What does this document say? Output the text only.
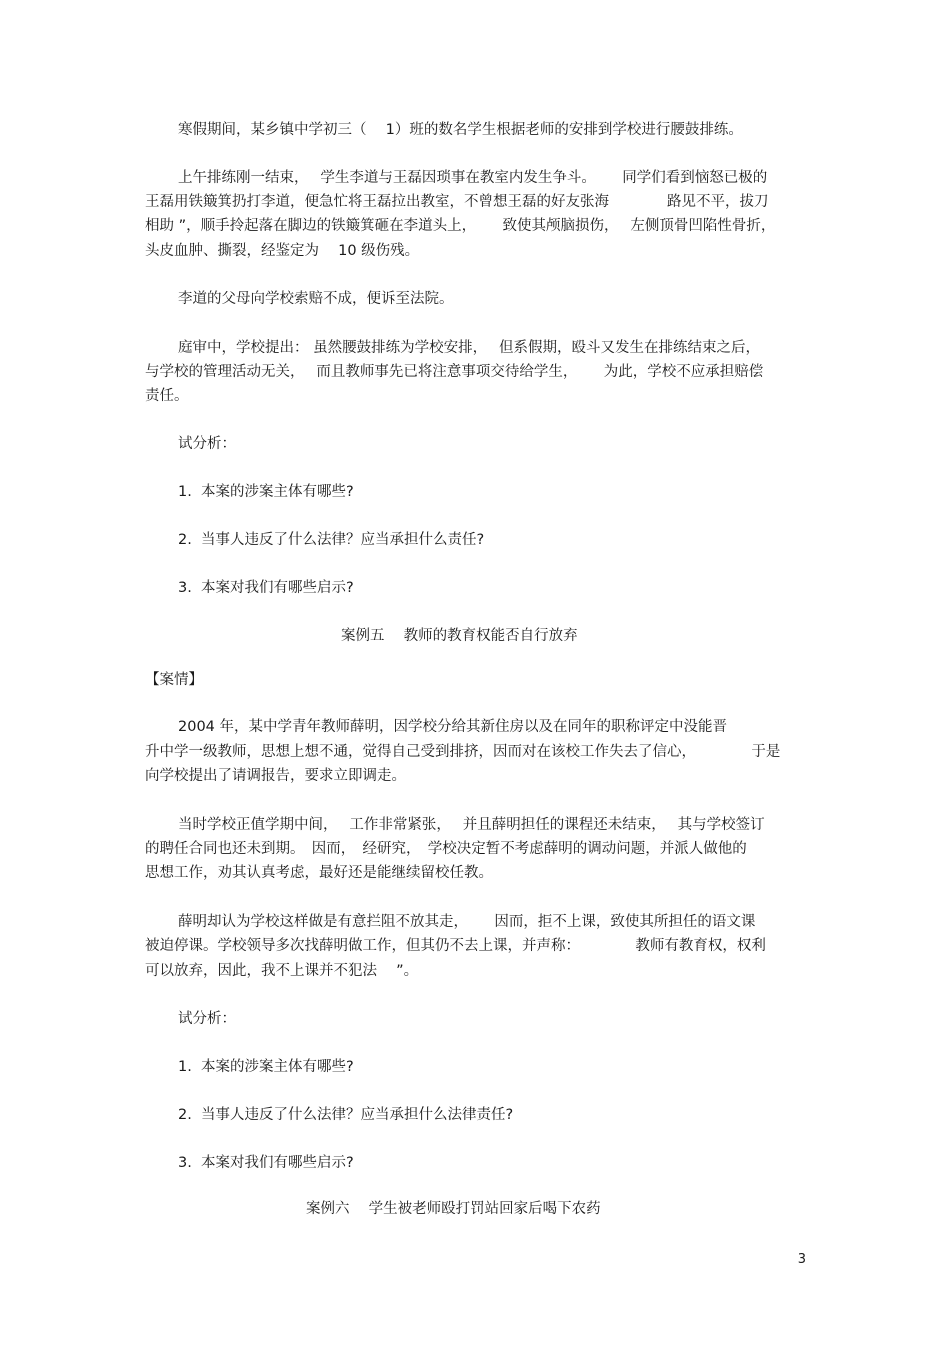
寒假期间，某乡镇中学初三（　 1）班的数名学生根据老师的安排到学校进行腰鼓排练。

上午排练刚一结束，　 学生李道与王磊因琐事在教室内发生争斗。　　 同学们看到恼怒已极的

王磊用铁簸箕扔打李道，便急忙将王磊拉出教室，不曾想王磊的好友张海　　　　路见不平，拔刀

相助 ”，顺手拎起落在脚边的铁簸箕砸在李道头上，　　 致使其颅脑损伤，　 左侧顶骨凹陷性骨折，

头皮血肿、撕裂，经鉴定为　 10 级伤残。

李道的父母向学校索赔不成，便诉至法院。

庭审中，学校提出： 虽然腰鼓排练为学校安排，　 但系假期，殴斗又发生在排练结束之后，

与学校的管理活动无关，　 而且教师事先已将注意事项交待给学生，　　 为此，学校不应承担赔偿

责任。

试分析：

1.  本案的涉案主体有哪些?

2.  当事人违反了什么法律？应当承担什么责任?

3.  本案对我们有哪些启示?

案例五　 教师的教育权能否自行放弃

【案情】

2004 年，某中学青年教师薛明，因学校分给其新住房以及在同年的职称评定中没能晋

升中学一级教师，思想上想不通，觉得自己受到排挤，因而对在该校工作失去了信心，　　　　 于是

向学校提出了请调报告，要求立即调走。

当时学校正值学期中间，　 工作非常紧张，　 并且薛明担任的课程还未结束，　 其与学校签订

的聘任合同也还未到期。　因而，　经研究，　学校决定暂不考虑薛明的调动问题，并派人做他的

思想工作，劝其认真考虑，最好还是能继续留校任教。

薛明却认为学校这样做是有意拦阻不放其走，　　 因而，拒不上课，致使其所担任的语文课

被迫停课。学校领导多次找薛明做工作，但其仍不去上课，并声称：　　　　 教师有教育权，权利

可以放弃，因此，我不上课并不犯法　 ”。

试分析：

1.  本案的涉案主体有哪些?

2.  当事人违反了什么法律？应当承担什么法律责任?

3.  本案对我们有哪些启示?

案例六　 学生被老师殴打罚站回家后喝下农药

3
